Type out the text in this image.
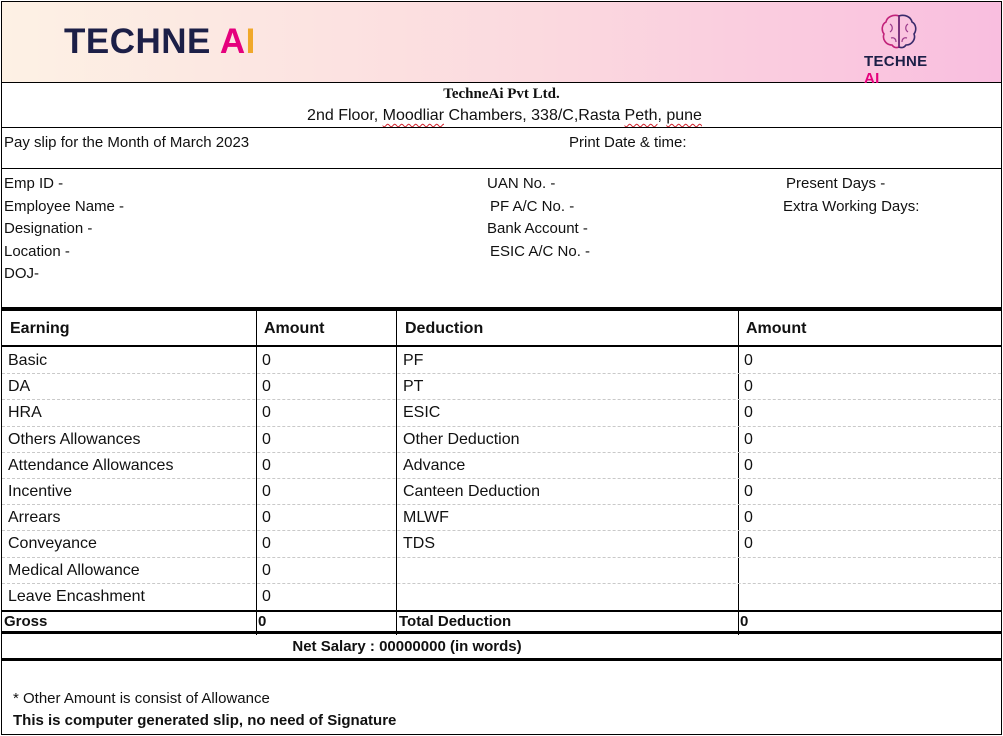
TECHNE AI
TECHNE AI
TechneAi Pvt Ltd.
2nd Floor, Moodliar Chambers, 338/C,Rasta Peth, pune
Pay slip for the Month of March 2023	Print Date & time:
Emp ID -
Employee Name -
Designation -
Location -
DOJ-
UAN No. -
PF A/C No. -
Bank Account -
ESIC A/C No. -
Present Days -
Extra Working Days:
Earning	Amount	Deduction	Amount
Basic	0	PF	0
DA	0	PT	0
HRA	0	ESIC	0
Others Allowances	0	Other Deduction	0
Attendance Allowances	0	Advance	0
Incentive	0	Canteen Deduction	0
Arrears	0	MLWF	0
Conveyance	0	TDS	0
Medical Allowance	0
Leave Encashment	0
Gross	0	Total Deduction	0
Net Salary : 00000000 (in words)
* Other Amount is consist of Allowance
This is computer generated slip, no need of Signature
